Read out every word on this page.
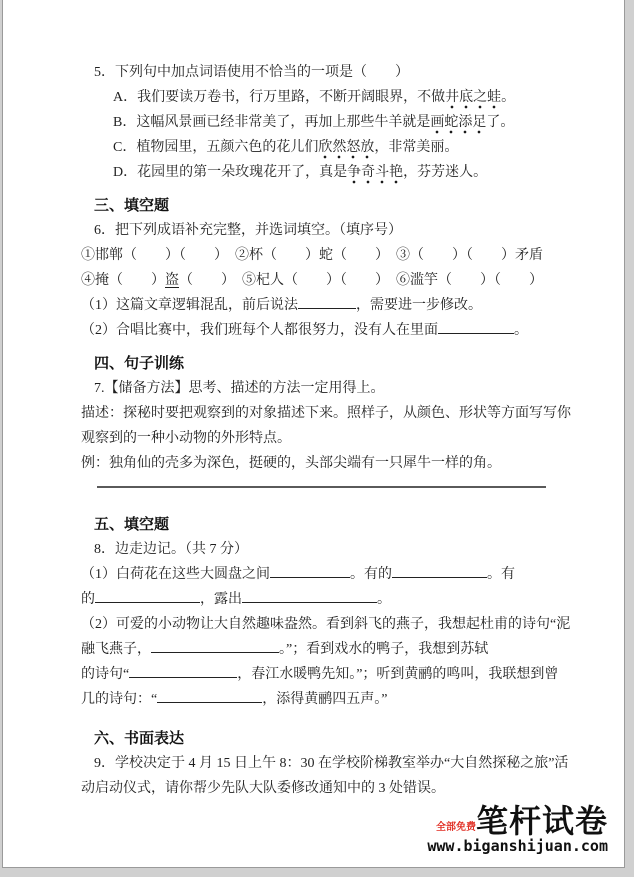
5．下列句中加点词语使用不恰当的一项是（　　）

A．我们要读万卷书，行万里路，不断开阔眼界，不做井底之蛙。

B．这幅风景画已经非常美了，再加上那些牛羊就是画蛇添足了。

C．植物园里，五颜六色的花儿们欣然怒放，非常美丽。

D．花园里的第一朵玫瑰花开了，真是争奇斗艳，芬芳迷人。

三、填空题

6．把下列成语补充完整，并选词填空。（填序号）

①邯郸（　　）（　　）　②杯（　　）蛇（　　）　③（　　）（　　）矛盾

④掩（　　）盗（　　）　⑤杞人（　　）（　　）　⑥滥竽（　　）（　　）

（1）这篇文章逻辑混乱，前后说法	，需要进一步修改。

（2）合唱比赛中，我们班每个人都很努力，没有人在里面	。

四、句子训练

7.【储备方法】思考、描述的方法一定用得上。

描述：探秘时要把观察到的对象描述下来。照样子，从颜色、形状等方面写写你

观察到的一种小动物的外形特点。

例：独角仙的壳多为深色，挺硬的，头部尖端有一只犀牛一样的角。

五、填空题

8．边走边记。（共 7 分）

（1）白荷花在这些大圆盘之间	。有的	。有

的	，露出	。

（2）可爱的小动物让大自然趣味盎然。看到斜飞的燕子，我想起杜甫的诗句“泥

融飞燕子，	。”；看到戏水的鸭子，我想到苏轼

的诗句“	，春江水暖鸭先知。”；听到黄鹂的鸣叫，我联想到曾

几的诗句：“	，添得黄鹂四五声。”

六、书面表达

9．学校决定于 4 月 15 日上午 8：30 在学校阶梯教室举办“大自然探秘之旅”活

动启动仪式，请你帮少先队大队委修改通知中的 3 处错误。

全部免费 笔杆试卷
www.biganshijuan.com
